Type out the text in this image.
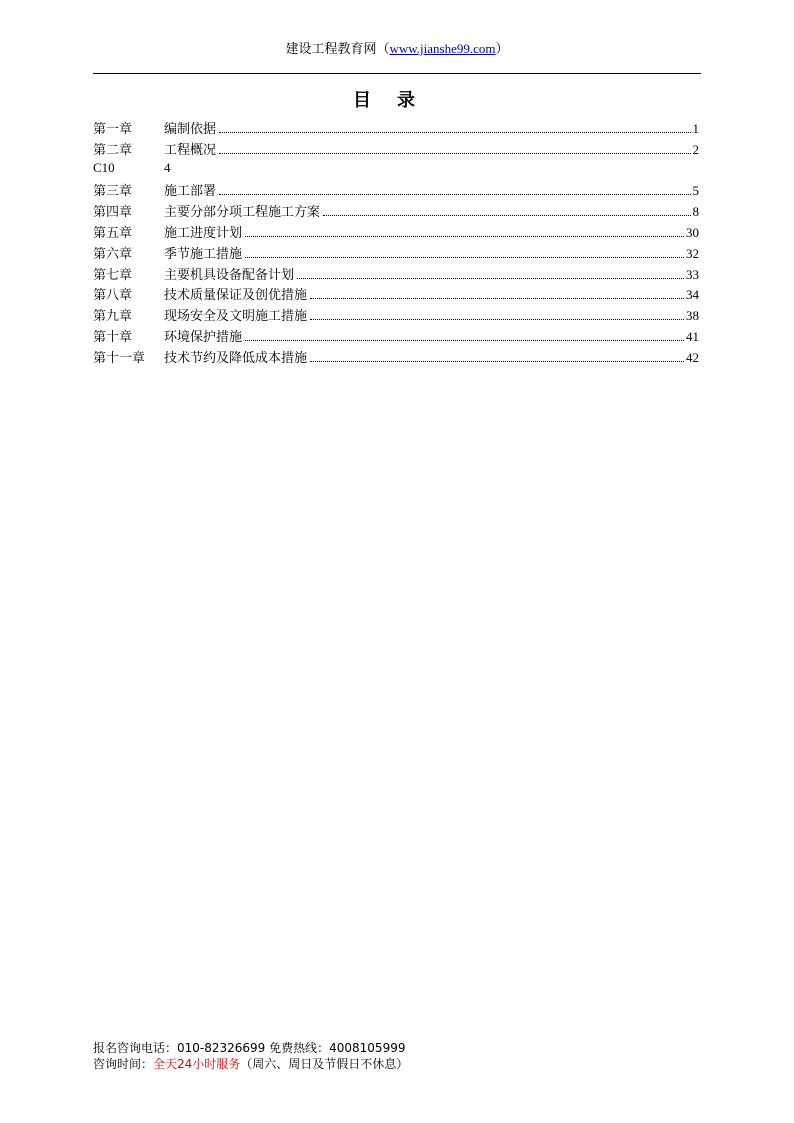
建设工程教育网（www.jianshe99.com）
目录
第一章	编制依据	1
第二章	工程概况	2
C10	4
第三章	施工部署	5
第四章	主要分部分项工程施工方案	8
第五章	施工进度计划	30
第六章	季节施工措施	32
第七章	主要机具设备配备计划	33
第八章	技术质量保证及创优措施	34
第九章	现场安全及文明施工措施	38
第十章	环境保护措施	41
第十一章	技术节约及降低成本措施	42
报名咨询电话：010-82326699 免费热线：4008105999
咨询时间：全天24小时服务（周六、周日及节假日不休息）
